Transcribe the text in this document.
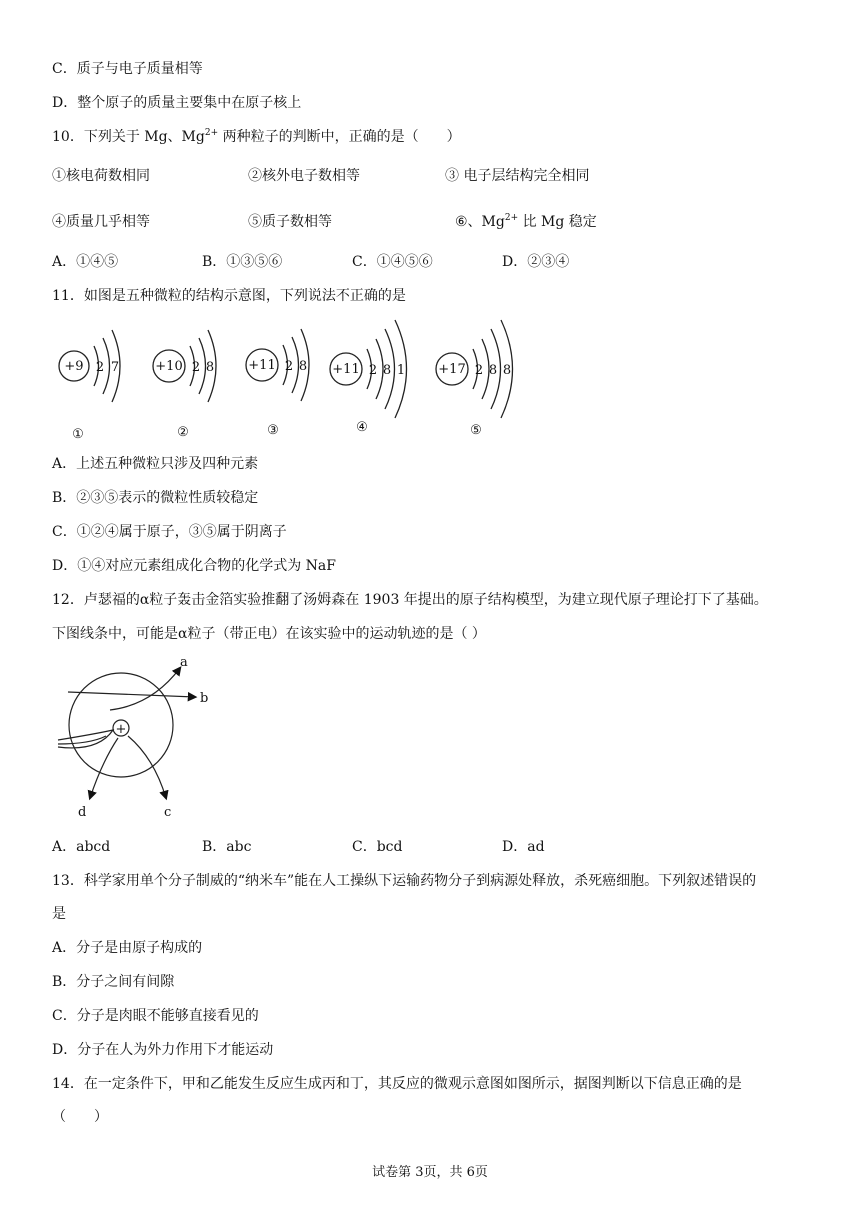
C．质子与电子质量相等
D．整个原子的质量主要集中在原子核上
10．下列关于 Mg、$Mg^{2+}$ 两种粒子的判断中，正确的是（　　）
①核电荷数相同	②核外电子数相等	③ 电子层结构完全相同
④质量几乎相等	⑤质子数相等	⑥、$Mg^{2+}$ 比 Mg 稳定
A．①④⑤	B．①③⑤⑥	C．①④⑤⑥	D．②③④
11．如图是五种微粒的结构示意图，下列说法不正确的是
+9 2 7
①
+10 2 8
②
+11 2 8
③
+11 2 8 1
④
+17 2 8 8
⑤
A．上述五种微粒只涉及四种元素
B．②③⑤表示的微粒性质较稳定
C．①②④属于原子，③⑤属于阴离子
D．①④对应元素组成化合物的化学式为 NaF
12．卢瑟福的α粒子轰击金箔实验推翻了汤姆森在 1903 年提出的原子结构模型，为建立现代原子理论打下了基础。
下图线条中，可能是α粒子（带正电）在该实验中的运动轨迹的是（ ）
+
a
b
c
d
A．abcd	B．abc	C．bcd	D．ad
13．科学家用单个分子制威的“纳米车”能在人工操纵下运输药物分子到病源处释放，杀死癌细胞。下列叙述错误的
是
A．分子是由原子构成的
B．分子之间有间隙
C．分子是肉眼不能够直接看见的
D．分子在人为外力作用下才能运动
14．在一定条件下，甲和乙能发生反应生成丙和丁，其反应的微观示意图如图所示，据图判断以下信息正确的是
（　　）
试卷第 3页，共 6页
